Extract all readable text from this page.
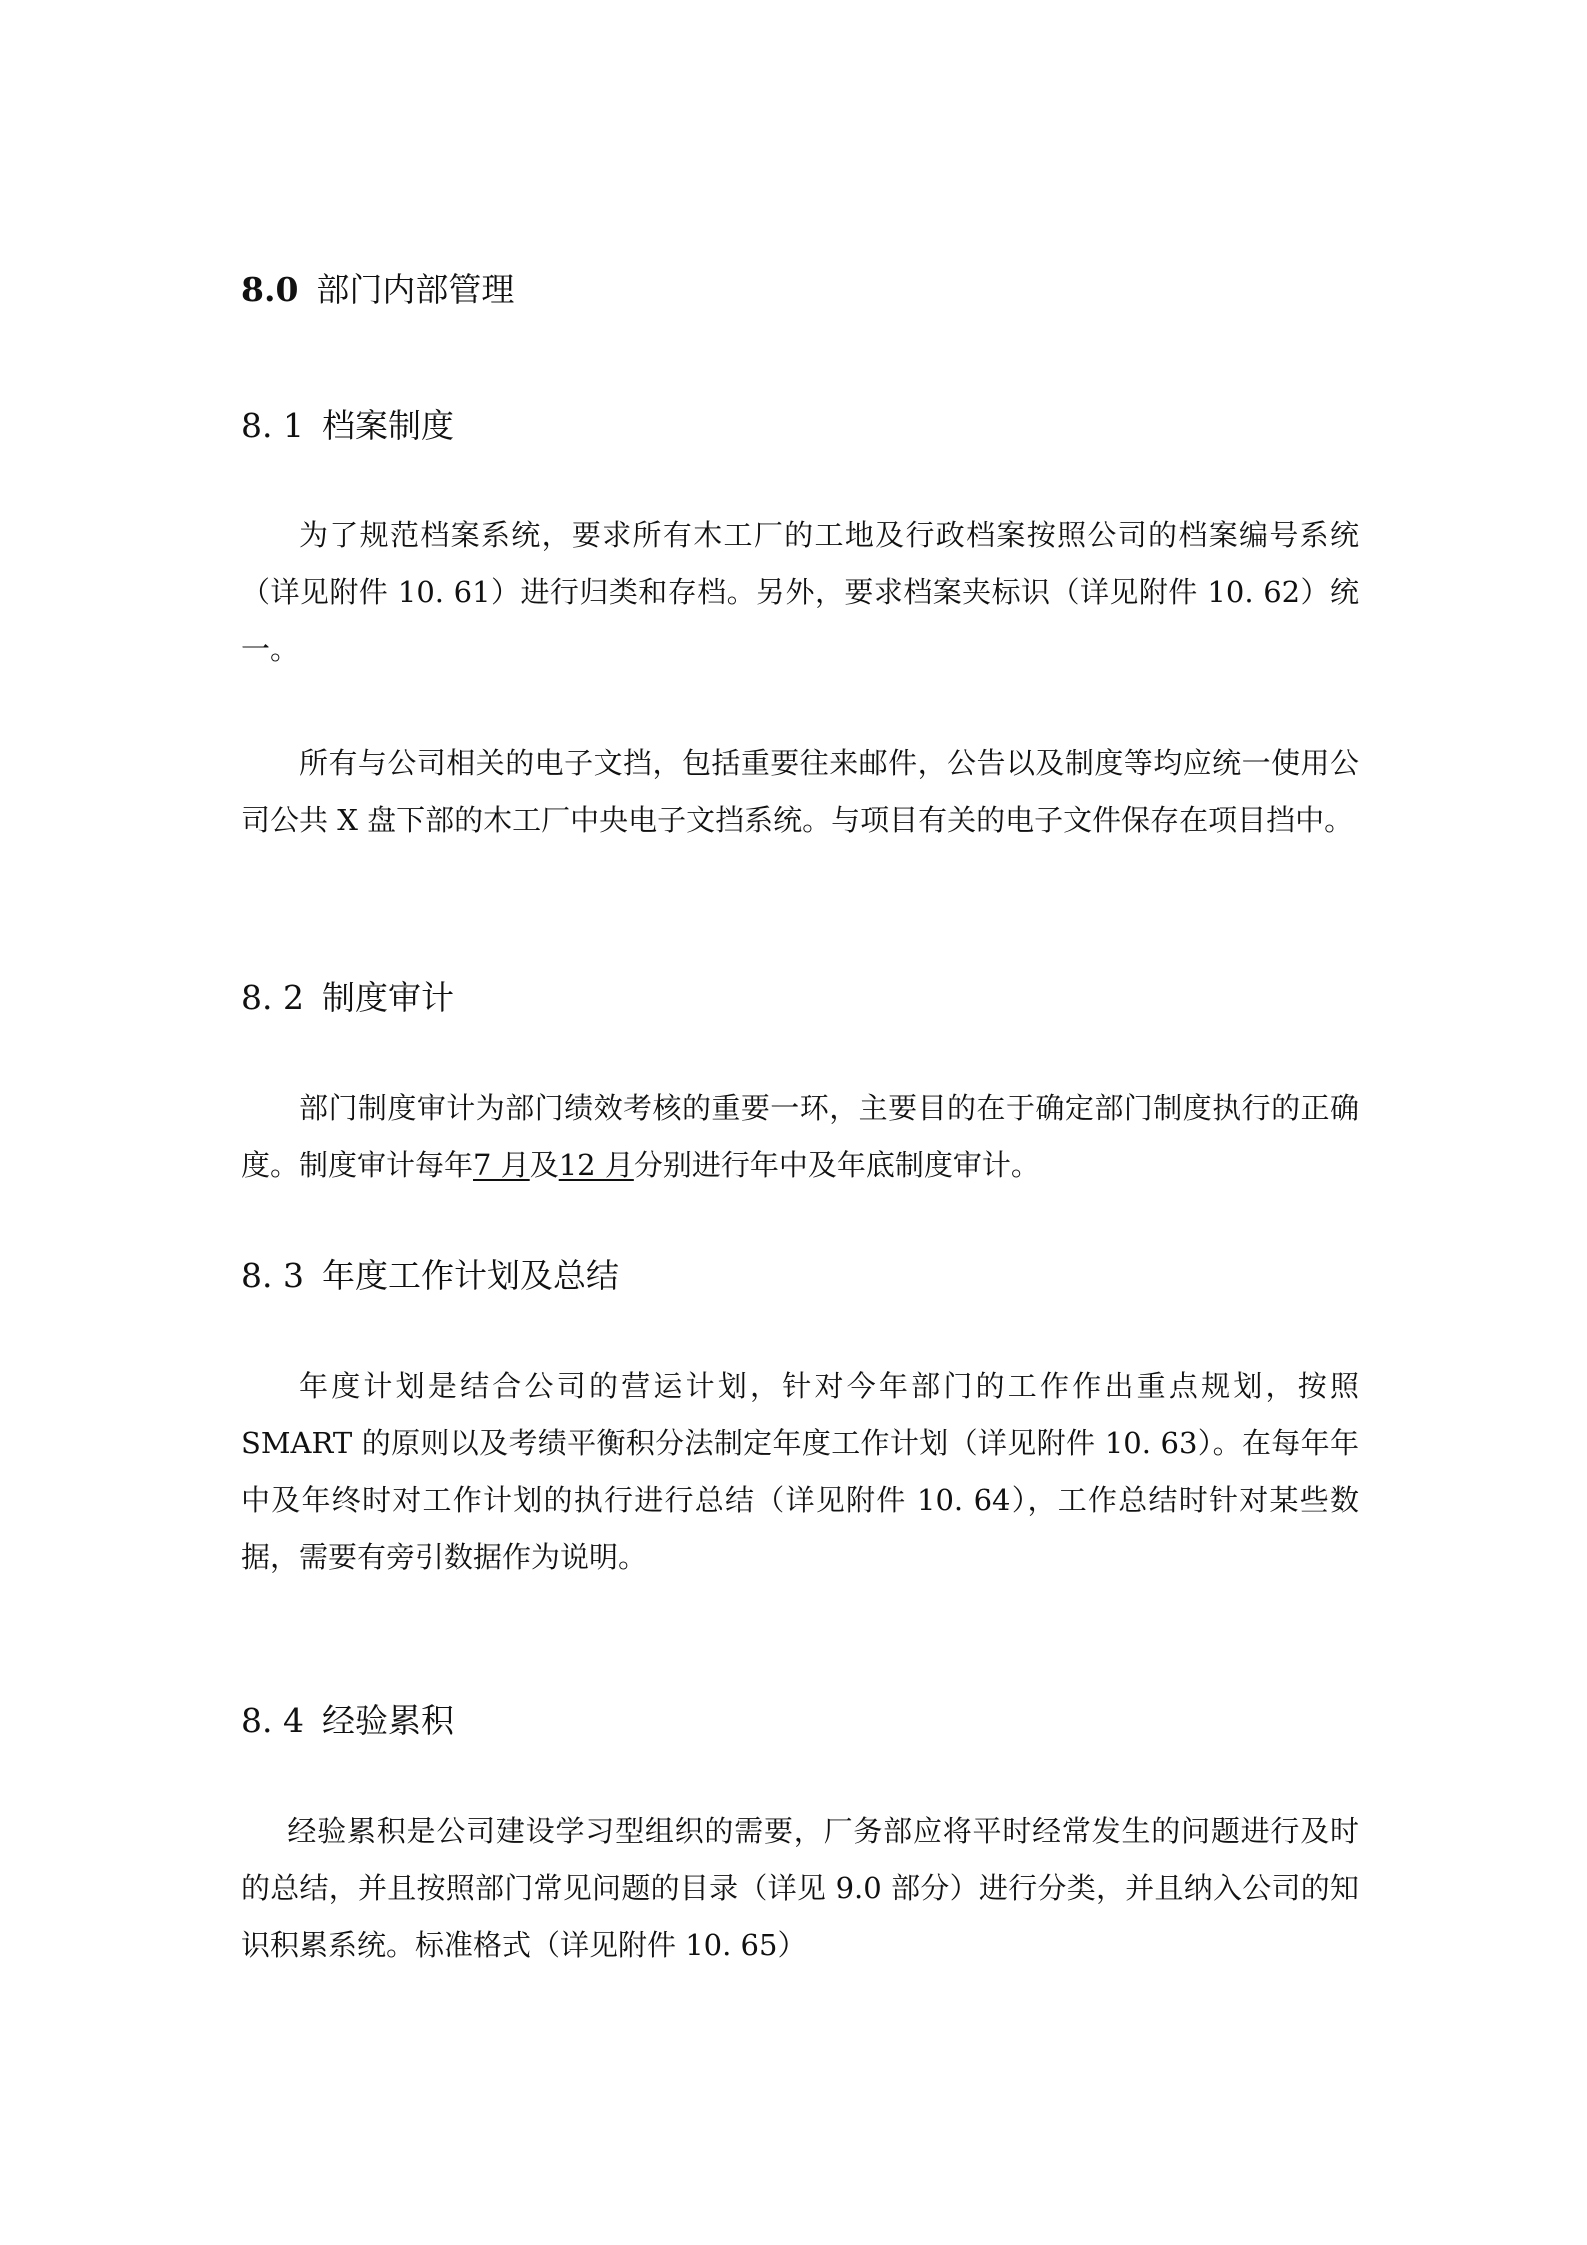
8.0 部门内部管理
8. 1 档案制度

为了规范档案系统，要求所有木工厂的工地及行政档案按照公司的档案编号系统（详见附件 10. 61）进行归类和存档。另外，要求档案夹标识（详见附件 10. 62）统一。

所有与公司相关的电子文挡，包括重要往来邮件，公告以及制度等均应统一使用公司公共 X 盘下部的木工厂中央电子文挡系统。与项目有关的电子文件保存在项目挡中。

8. 2 制度审计

部门制度审计为部门绩效考核的重要一环，主要目的在于确定部门制度执行的正确度。制度审计每年7 月及12 月分别进行年中及年底制度审计。

8. 3 年度工作计划及总结

年度计划是结合公司的营运计划，针对今年部门的工作作出重点规划，按照 SMART 的原则以及考绩平衡积分法制定年度工作计划（详见附件 10. 63）。在每年年中及年终时对工作计划的执行进行总结（详见附件 10. 64），工作总结时针对某些数据，需要有旁引数据作为说明。

8. 4 经验累积

经验累积是公司建设学习型组织的需要，厂务部应将平时经常发生的问题进行及时的总结，并且按照部门常见问题的目录（详见 9.0 部分）进行分类，并且纳入公司的知识积累系统。标准格式（详见附件 10. 65）
